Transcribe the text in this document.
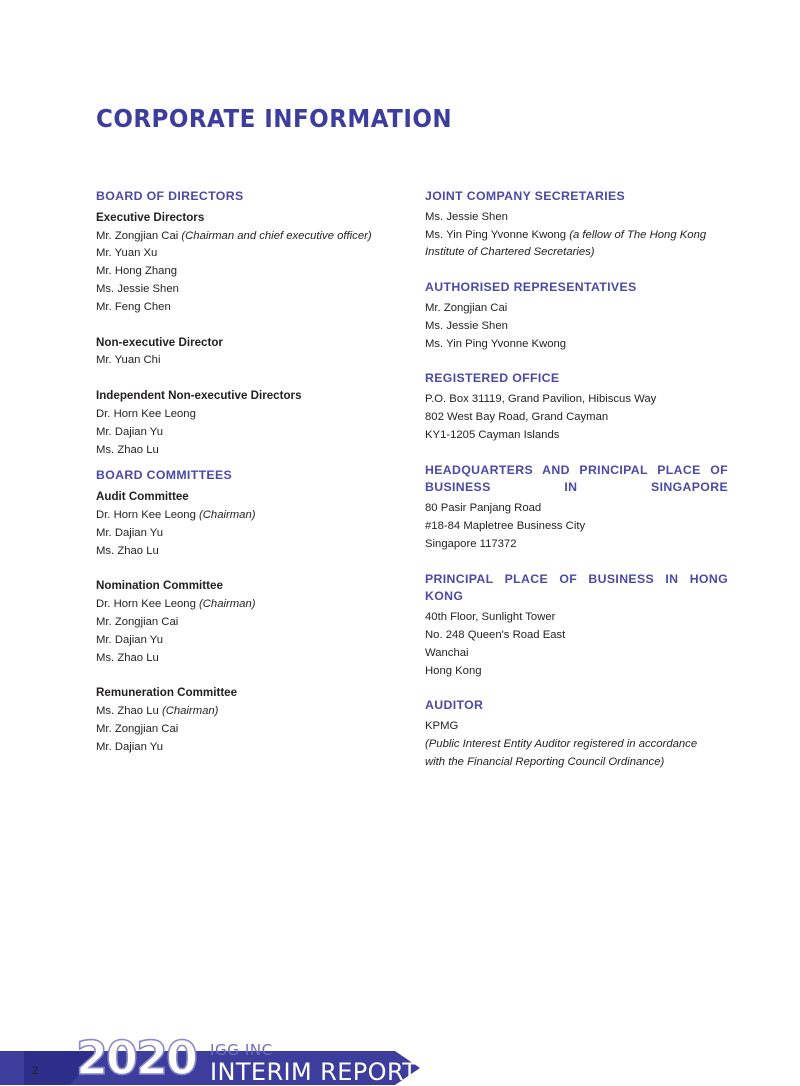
CORPORATE INFORMATION
BOARD OF DIRECTORS
Executive Directors

Mr. Zongjian Cai (Chairman and chief executive officer)

Mr. Yuan Xu

Mr. Hong Zhang

Ms. Jessie Shen

Mr. Feng Chen

Non-executive Director

Mr. Yuan Chi

Independent Non-executive Directors

Dr. Horn Kee Leong

Mr. Dajian Yu

Ms. Zhao Lu

BOARD COMMITTEES
Audit Committee

Dr. Horn Kee Leong (Chairman)

Mr. Dajian Yu

Ms. Zhao Lu

Nomination Committee

Dr. Horn Kee Leong (Chairman)

Mr. Zongjian Cai

Mr. Dajian Yu

Ms. Zhao Lu

Remuneration Committee

Ms. Zhao Lu (Chairman)

Mr. Zongjian Cai

Mr. Dajian Yu

JOINT COMPANY SECRETARIES

Ms. Jessie Shen

Ms. Yin Ping Yvonne Kwong (a fellow of The Hong Kong

Institute of Chartered Secretaries)

AUTHORISED REPRESENTATIVES

Mr. Zongjian Cai

Ms. Jessie Shen

Ms. Yin Ping Yvonne Kwong

REGISTERED OFFICE

P.O. Box 31119, Grand Pavilion, Hibiscus Way

802 West Bay Road, Grand Cayman

KY1-1205 Cayman Islands

HEADQUARTERS AND PRINCIPAL PLACE OF BUSINESS IN SINGAPORE

80 Pasir Panjang Road

#18-84 Mapletree Business City

Singapore 117372

PRINCIPAL PLACE OF BUSINESS IN HONG KONG

40th Floor, Sunlight Tower

No. 248 Queen's Road East

Wanchai

Hong Kong

AUDITOR

KPMG

(Public Interest Entity Auditor registered in accordance

with the Financial Reporting Council Ordinance)

2 2020 IGG INC
INTERIM REPORT
